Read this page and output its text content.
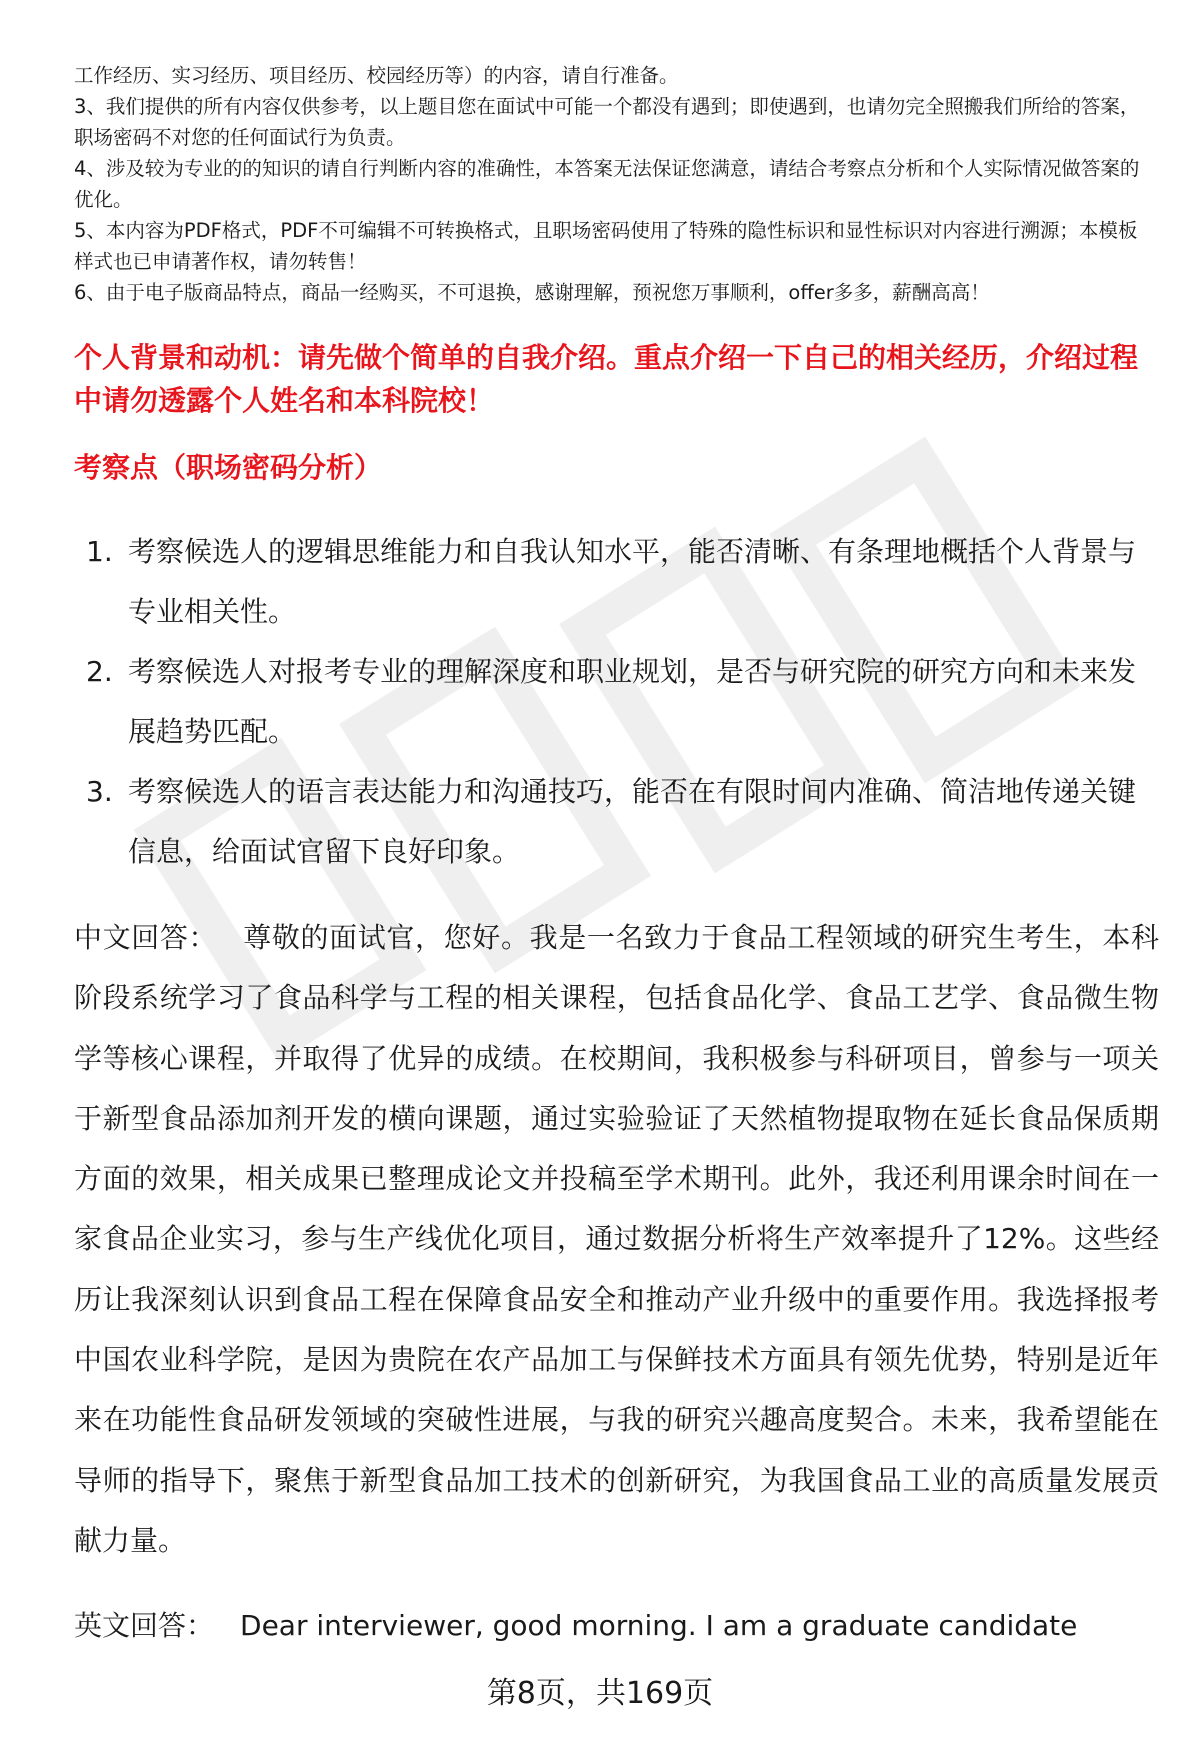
工作经历、实习经历、项目经历、校园经历等）的内容，请自行准备。

3、我们提供的所有内容仅供参考，以上题目您在面试中可能一个都没有遇到；即使遇到，也请勿完全照搬我们所给的答案，职场密码不对您的任何面试行为负责。

4、涉及较为专业的的知识的请自行判断内容的准确性，本答案无法保证您满意，请结合考察点分析和个人实际情况做答案的优化。

5、本内容为PDF格式，PDF不可编辑不可转换格式，且职场密码使用了特殊的隐性标识和显性标识对内容进行溯源；本模板样式也已申请著作权，请勿转售！

6、由于电子版商品特点，商品一经购买，不可退换，感谢理解，预祝您万事顺利，offer多多，薪酬高高！

个人背景和动机：请先做个简单的自我介绍。重点介绍一下自己的相关经历，介绍过程中请勿透露个人姓名和本科院校！
考察点（职场密码分析）
1. 考察候选人的逻辑思维能力和自我认知水平，能否清晰、有条理地概括个人背景与专业相关性。
2. 考察候选人对报考专业的理解深度和职业规划，是否与研究院的研究方向和未来发展趋势匹配。
3. 考察候选人的语言表达能力和沟通技巧，能否在有限时间内准确、简洁地传递关键信息，给面试官留下良好印象。

中文回答： 尊敬的面试官，您好。我是一名致力于食品工程领域的研究生考生，本科阶段系统学习了食品科学与工程的相关课程，包括食品化学、食品工艺学、食品微生物学等核心课程，并取得了优异的成绩。在校期间，我积极参与科研项目，曾参与一项关于新型食品添加剂开发的横向课题，通过实验验证了天然植物提取物在延长食品保质期方面的效果，相关成果已整理成论文并投稿至学术期刊。此外，我还利用课余时间在一家食品企业实习，参与生产线优化项目，通过数据分析将生产效率提升了12%。这些经历让我深刻认识到食品工程在保障食品安全和推动产业升级中的重要作用。我选择报考中国农业科学院，是因为贵院在农产品加工与保鲜技术方面具有领先优势，特别是近年来在功能性食品研发领域的突破性进展，与我的研究兴趣高度契合。未来，我希望能在导师的指导下，聚焦于新型食品加工技术的创新研究，为我国食品工业的高质量发展贡献力量。

英文回答： Dear interviewer, good morning. I am a graduate candidate

第8页，共169页
